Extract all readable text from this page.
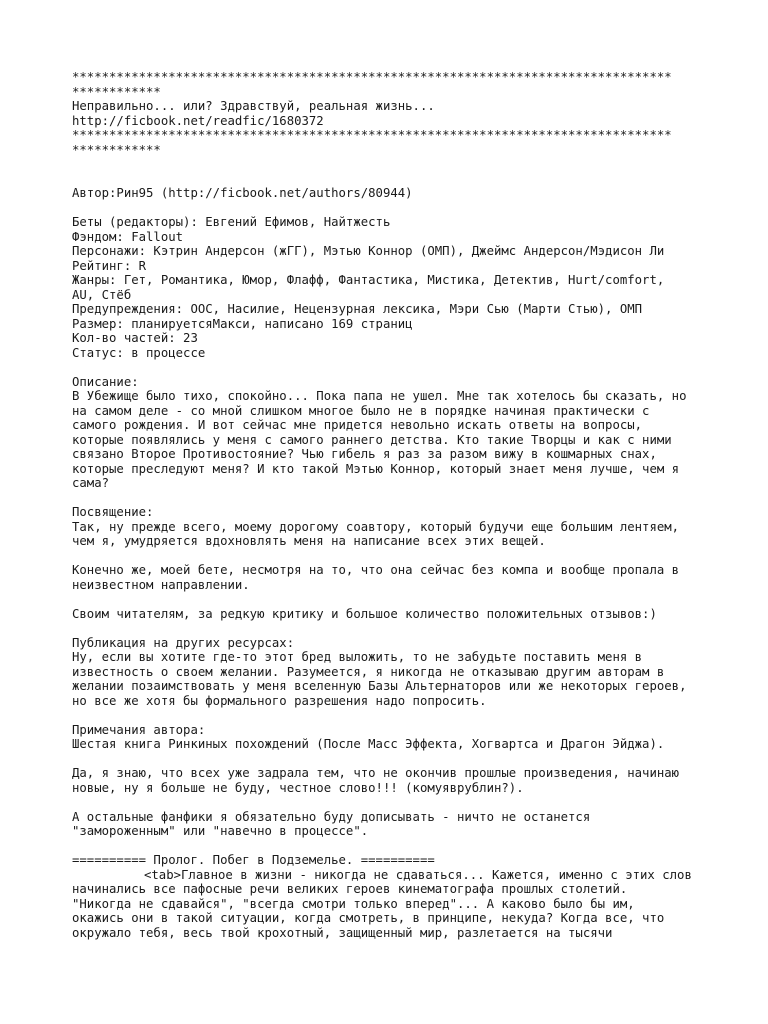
*********************************************************************************
************
Неправильно... или? Здравствуй, реальная жизнь...
http://ficbook.net/readfic/1680372
*********************************************************************************
************
Автор:Рин95 (http://ficbook.net/authors/80944)
Беты (редакторы): Евгений Ефимов, Найтжесть
Фэндом: Fallout
Персонажи: Кэтрин Андерсон (жГГ), Мэтью Коннор (ОМП), Джеймс Андерсон/Мэдисон Ли
Рейтинг: R
Жанры: Гет, Романтика, Юмор, Флафф, Фантастика, Мистика, Детектив, Hurt/comfort,
AU, Стёб
Предупреждения: OOC, Насилие, Нецензурная лексика, Мэри Сью (Марти Стью), ОМП
Размер: планируетсяМакси, написано 169 страниц
Кол-во частей: 23
Статус: в процессе
Описание:
В Убежище было тихо, спокойно... Пока папа не ушел. Мне так хотелось бы сказать, но
на самом деле - со мной слишком многое было не в порядке начиная практически с
самого рождения. И вот сейчас мне придется невольно искать ответы на вопросы,
которые появлялись у меня с самого раннего детства. Кто такие Творцы и как с ними
связано Второе Противостояние? Чью гибель я раз за разом вижу в кошмарных снах,
которые преследуют меня? И кто такой Мэтью Коннор, который знает меня лучше, чем я
сама?
Посвящение:
Так, ну прежде всего, моему дорогому соавтору, который будучи еще большим лентяем,
чем я, умудряется вдохновлять меня на написание всех этих вещей.
Конечно же, моей бете, несмотря на то, что она сейчас без компа и вообще пропала в
неизвестном направлении.
Своим читателям, за редкую критику и большое количество положительных отзывов:)
Публикация на других ресурсах:
Ну, если вы хотите где-то этот бред выложить, то не забудьте поставить меня в
известность о своем желании. Разумеется, я никогда не отказываю другим авторам в
желании позаимствовать у меня вселенную Базы Альтернаторов или же некоторых героев,
но все же хотя бы формального разрешения надо попросить.
Примечания автора:
Шестая книга Ринкиных похождений (После Масс Эффекта, Хогвартса и Драгон Эйджа).
Да, я знаю, что всех уже задрала тем, что не окончив прошлые произведения, начинаю
новые, ну я больше не буду, честное слово!!! (комуяврублин?).
А остальные фанфики я обязательно буду дописывать - ничто не останется
"замороженным" или "навечно в процессе".
========== Пролог. Побег в Подземелье. ==========
<tab>Главное в жизни - никогда не сдаваться... Кажется, именно с этих слов
начинались все пафосные речи великих героев кинематографа прошлых столетий.
"Никогда не сдавайся", "всегда смотри только вперед"... А каково было бы им,
окажись они в такой ситуации, когда смотреть, в принципе, некуда? Когда все, что
окружало тебя, весь твой крохотный, защищенный мир, разлетается на тысячи
